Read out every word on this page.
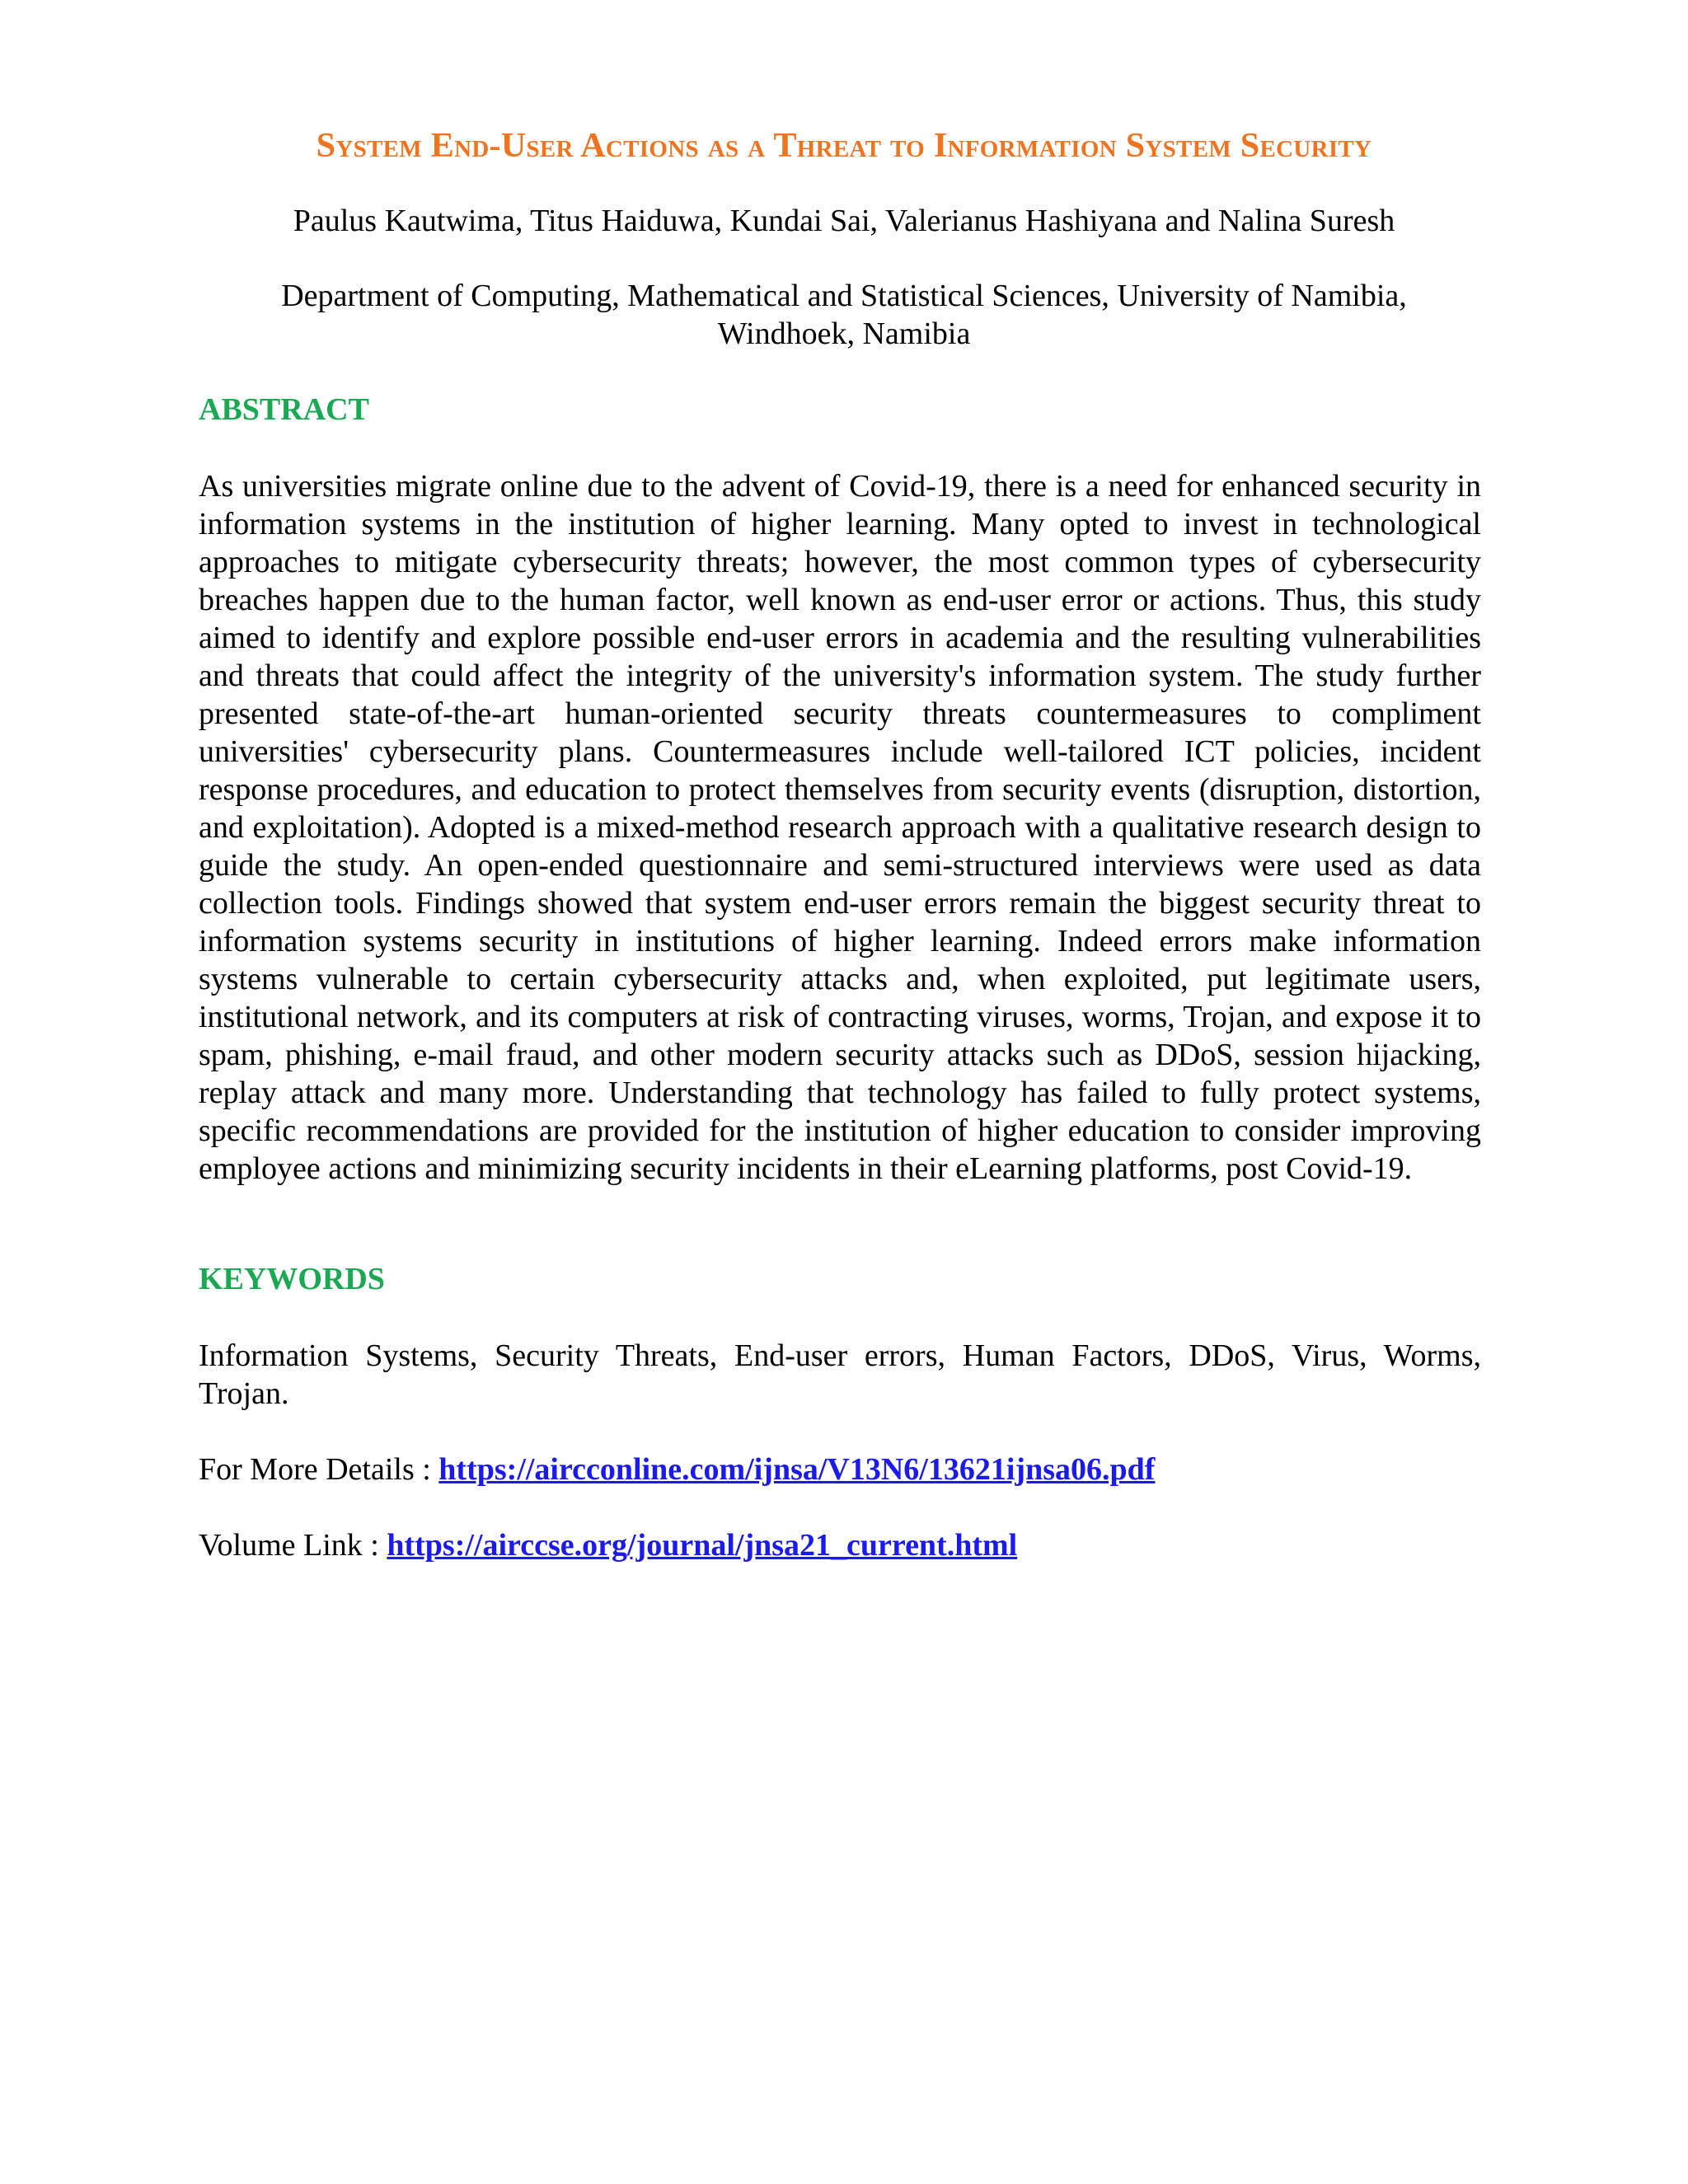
System End-User Actions as a Threat to Information System Security

Paulus Kautwima, Titus Haiduwa, Kundai Sai, Valerianus Hashiyana and Nalina Suresh

Department of Computing, Mathematical and Statistical Sciences, University of Namibia,
Windhoek, Namibia
ABSTRACT

As universities migrate online due to the advent of Covid-19, there is a need for enhanced security in information systems in the institution of higher learning. Many opted to invest in technological approaches to mitigate cybersecurity threats; however, the most common types of cybersecurity breaches happen due to the human factor, well known as end-user error or actions. Thus, this study aimed to identify and explore possible end-user errors in academia and the resulting vulnerabilities and threats that could affect the integrity of the university's information system. The study further presented state-of-the-art human-oriented security threats countermeasures to compliment universities' cybersecurity plans. Countermeasures include well-tailored ICT policies, incident response procedures, and education to protect themselves from security events (disruption, distortion, and exploitation). Adopted is a mixed-method research approach with a qualitative research design to guide the study. An open-ended questionnaire and semi-structured interviews were used as data collection tools. Findings showed that system end-user errors remain the biggest security threat to information systems security in institutions of higher learning. Indeed errors make information systems vulnerable to certain cybersecurity attacks and, when exploited, put legitimate users, institutional network, and its computers at risk of contracting viruses, worms, Trojan, and expose it to spam, phishing, e-mail fraud, and other modern security attacks such as DDoS, session hijacking, replay attack and many more. Understanding that technology has failed to fully protect systems, specific recommendations are provided for the institution of higher education to consider improving employee actions and minimizing security incidents in their eLearning platforms, post Covid-19.

KEYWORDS

Information Systems, Security Threats, End-user errors, Human Factors, DDoS, Virus, Worms, Trojan.

For More Details : https://aircconline.com/ijnsa/V13N6/13621ijnsa06.pdf

Volume Link : https://airccse.org/journal/jnsa21_current.html
